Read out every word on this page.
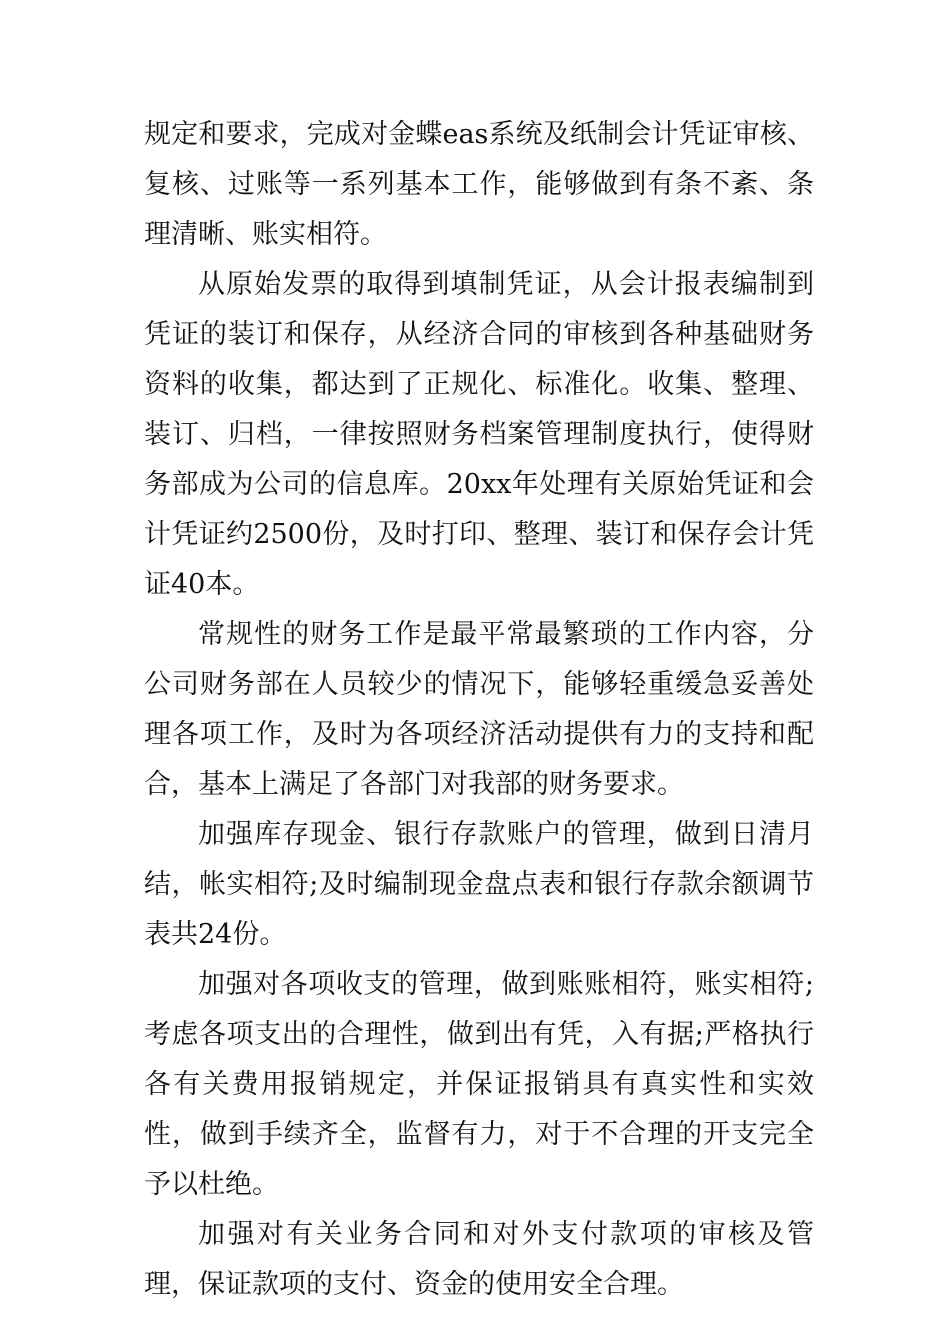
规定和要求，完成对金蝶eas系统及纸制会计凭证审核、复核、过账等一系列基本工作，能够做到有条不紊、条理清晰、账实相符。

从原始发票的取得到填制凭证，从会计报表编制到凭证的装订和保存，从经济合同的审核到各种基础财务资料的收集，都达到了正规化、标准化。收集、整理、装订、归档，一律按照财务档案管理制度执行，使得财务部成为公司的信息库。20xx年处理有关原始凭证和会计凭证约2500份，及时打印、整理、装订和保存会计凭证40本。

常规性的财务工作是最平常最繁琐的工作内容，分公司财务部在人员较少的情况下，能够轻重缓急妥善处理各项工作，及时为各项经济活动提供有力的支持和配合，基本上满足了各部门对我部的财务要求。

加强库存现金、银行存款账户的管理，做到日清月结，帐实相符;及时编制现金盘点表和银行存款余额调节表共24份。

加强对各项收支的管理，做到账账相符，账实相符;考虑各项支出的合理性，做到出有凭，入有据;严格执行各有关费用报销规定，并保证报销具有真实性和实效性，做到手续齐全，监督有力，对于不合理的开支完全予以杜绝。

加强对有关业务合同和对外支付款项的审核及管理，保证款项的支付、资金的使用安全合理。
